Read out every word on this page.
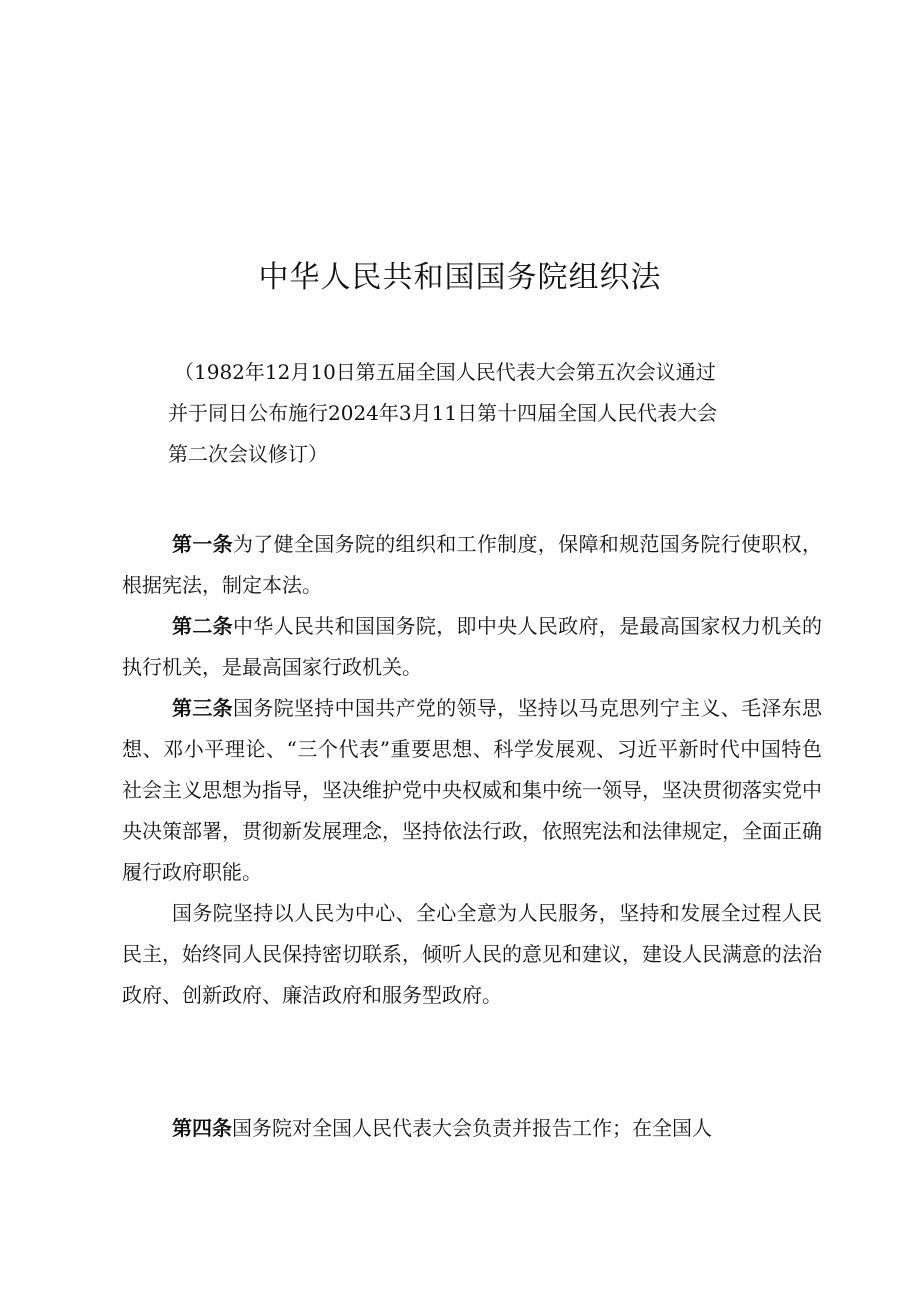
中华人民共和国国务院组织法
（1982年12月10日第五届全国人民代表大会第五次会议通过
并于同日公布施行2024年3月11日第十四届全国人民代表大会
第二次会议修订）

第一条为了健全国务院的组织和工作制度，保障和规范国务院行使职权，根据宪法，制定本法。

第二条中华人民共和国国务院，即中央人民政府，是最高国家权力机关的执行机关，是最高国家行政机关。

第三条国务院坚持中国共产党的领导，坚持以马克思列宁主义、毛泽东思想、邓小平理论、“三个代表”重要思想、科学发展观、习近平新时代中国特色社会主义思想为指导，坚决维护党中央权威和集中统一领导，坚决贯彻落实党中央决策部署，贯彻新发展理念，坚持依法行政，依照宪法和法律规定，全面正确履行政府职能。

国务院坚持以人民为中心、全心全意为人民服务，坚持和发展全过程人民民主，始终同人民保持密切联系，倾听人民的意见和建议，建设人民满意的法治政府、创新政府、廉洁政府和服务型政府。

第四条国务院对全国人民代表大会负责并报告工作；在全国人
